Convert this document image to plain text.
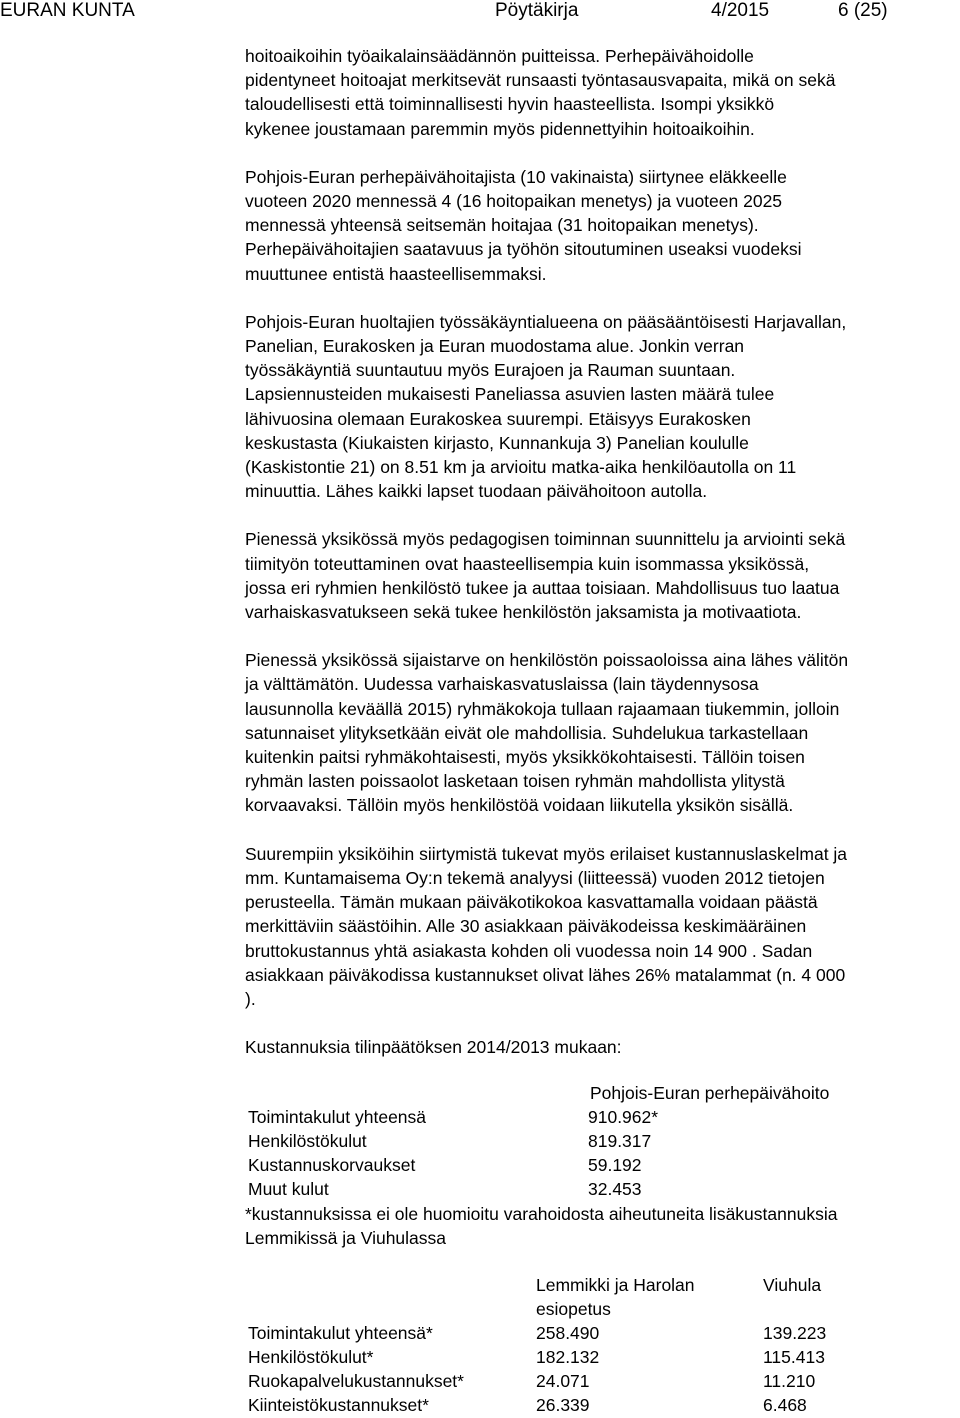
EURAN KUNTA	Pöytäkirja	4/2015	6 (25)

hoitoaikoihin työaikalainsäädännön puitteissa. Perhepäivähoidolle
pidentyneet hoitoajat merkitsevät runsaasti työntasausvapaita, mikä on sekä
taloudellisesti että toiminnallisesti hyvin haasteellista. Isompi yksikkö
kykenee joustamaan paremmin myös pidennettyihin hoitoaikoihin.

Pohjois-Euran perhepäivähoitajista (10 vakinaista) siirtynee eläkkeelle
vuoteen 2020 mennessä 4 (16 hoitopaikan menetys) ja vuoteen 2025
mennessä yhteensä seitsemän hoitajaa (31 hoitopaikan menetys).
Perhepäivähoitajien saatavuus ja työhön sitoutuminen useaksi vuodeksi
muuttunee entistä haasteellisemmaksi.

Pohjois-Euran huoltajien työssäkäyntialueena on pääsääntöisesti Harjavallan,
Panelian, Eurakosken ja Euran muodostama alue. Jonkin verran
työssäkäyntiä suuntautuu myös Eurajoen ja Rauman suuntaan.
Lapsiennusteiden mukaisesti Paneliassa asuvien lasten määrä tulee
lähivuosina olemaan Eurakoskea suurempi. Etäisyys Eurakosken
keskustasta (Kiukaisten kirjasto, Kunnankuja 3) Panelian koululle
(Kaskistontie 21) on 8.51 km ja arvioitu matka-aika henkilöautolla on 11
minuuttia. Lähes kaikki lapset tuodaan päivähoitoon autolla.

Pienessä yksikössä myös pedagogisen toiminnan suunnittelu ja arviointi sekä
tiimityön toteuttaminen ovat haasteellisempia kuin isommassa yksikössä,
jossa eri ryhmien henkilöstö tukee ja auttaa toisiaan. Mahdollisuus tuo laatua
varhaiskasvatukseen sekä tukee henkilöstön jaksamista ja motivaatiota.

Pienessä yksikössä sijaistarve on henkilöstön poissaoloissa aina lähes välitön
ja välttämätön. Uudessa varhaiskasvatuslaissa (lain täydennysosa
lausunnolla keväällä 2015) ryhmäkokoja tullaan rajaamaan tiukemmin, jolloin
satunnaiset ylityksetkään eivät ole mahdollisia. Suhdelukua tarkastellaan
kuitenkin paitsi ryhmäkohtaisesti, myös yksikkökohtaisesti. Tällöin toisen
ryhmän lasten poissaolot lasketaan toisen ryhmän mahdollista ylitystä
korvaavaksi. Tällöin myös henkilöstöä voidaan liikutella yksikön sisällä.

Suurempiin yksiköihin siirtymistä tukevat myös erilaiset kustannuslaskelmat ja
mm. Kuntamaisema Oy:n tekemä analyysi (liitteessä) vuoden 2012 tietojen
perusteella. Tämän mukaan päiväkotikokoa kasvattamalla voidaan päästä
merkittäviin säästöihin. Alle 30 asiakkaan päiväkodeissa keskimääräinen
bruttokustannus yhtä asiakasta kohden oli vuodessa noin 14 900 . Sadan
asiakkaan päiväkodissa kustannukset olivat lähes 26% matalammat (n. 4 000
).

Kustannuksia tilinpäätöksen 2014/2013 mukaan:

Pohjois-Euran perhepäivähoito	
Toimintakulut yhteensä	910.962*
Henkilöstökulut	819.317
Kustannuskorvaukset	59.192
Muut kulut	32.453
*kustannuksissa ei ole huomioitu varahoidosta aiheutuneita lisäkustannuksia
Lemmikissä ja Viuhulassa
	Lemmikki ja Harolan	Viuhula
	esiopetus	
Toimintakulut yhteensä*	258.490	139.223
Henkilöstökulut*	182.132	115.413
Ruokapalvelukustannukset*	24.071	11.210
Kiinteistökustannukset*	26.339	6.468
